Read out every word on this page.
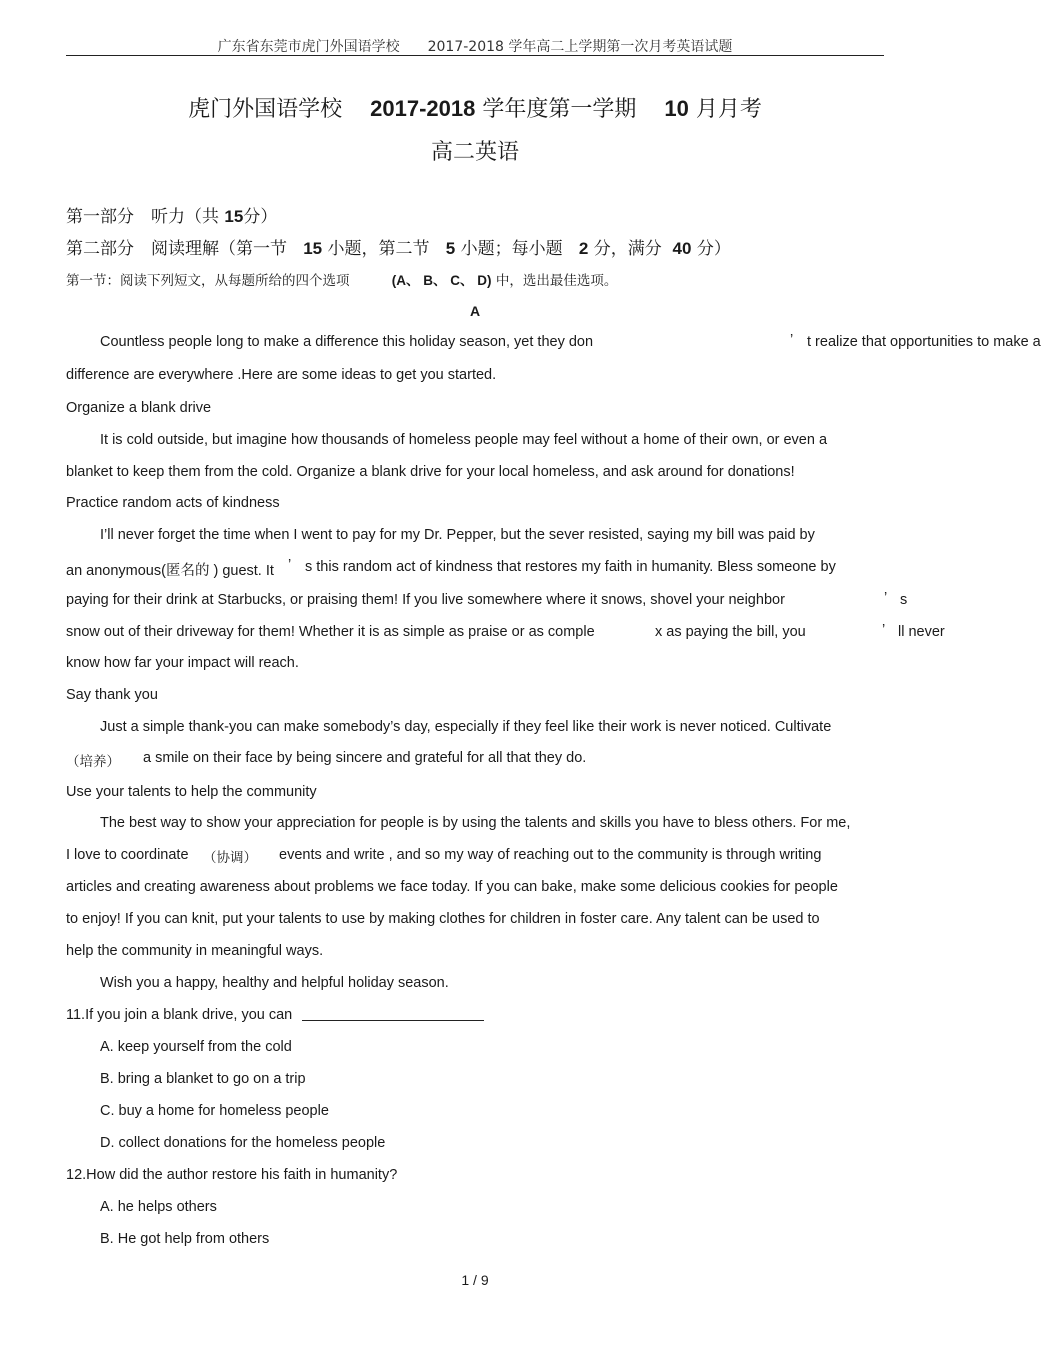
广东省东莞市虎门外国语学校　　2017-2018 学年高二上学期第一次月考英语试题
虎门外国语学校 2017-2018 学年度第一学期 10 月月考
高二英语
第一部分　听力（共 15分）
第二部分　阅读理解（第一节 15 小题，第二节 5 小题；每小题 2 分，满分 40 分）
第一节：阅读下列短文，从每题所给的四个选项	(A、 B、 C、 D) 中，选出最佳选项。
A
Countless people long to make a difference this holiday season, yet they don	’ t realize that opportunities to make a
difference are everywhere .Here are some ideas to get you started.
Organize a blank drive
It is cold outside, but imagine how thousands of homeless people may feel without a home of their own, or even a
blanket to keep them from the cold. Organize a blank drive for your local homeless, and ask around for donations!
Practice random acts of kindness
I’ll never forget the time when I went to pay for my Dr. Pepper, but the sever resisted, saying my bill was paid by
an anonymous(匿名的 ) guest. It ’ s this random act of kindness that restores my faith in humanity. Bless someone by
paying for their drink at Starbucks, or praising them! If you live somewhere where it snows, shovel your neighbor	’ s
snow out of their driveway for them! Whether it is as simple as praise or as comple	x as paying the bill, you	’ ll never
know how far your impact will reach.
Say thank you
Just a simple thank-you can make somebody’s day, especially if they feel like their work is never noticed. Cultivate
（培养） a smile on their face by being sincere and grateful for all that they do.
Use your talents to help the community
The best way to show your appreciation for people is by using the talents and skills you have to bless others. For me,
I love to coordinate （协调） events and write , and so my way of reaching out to the community is through writing
articles and creating awareness about problems we face today. If you can bake, make some delicious cookies for people
to enjoy! If you can knit, put your talents to use by making clothes for children in foster care. Any talent can be used to
help the community in meaningful ways.
Wish you a happy, healthy and helpful holiday season.
11.If you join a blank drive, you can
A. keep yourself from the cold
B. bring a blanket to go on a trip
C. buy a home for homeless people
D. collect donations for the homeless people
12.How did the author restore his faith in humanity?
A. he helps others
B. He got help from others
1 / 9
